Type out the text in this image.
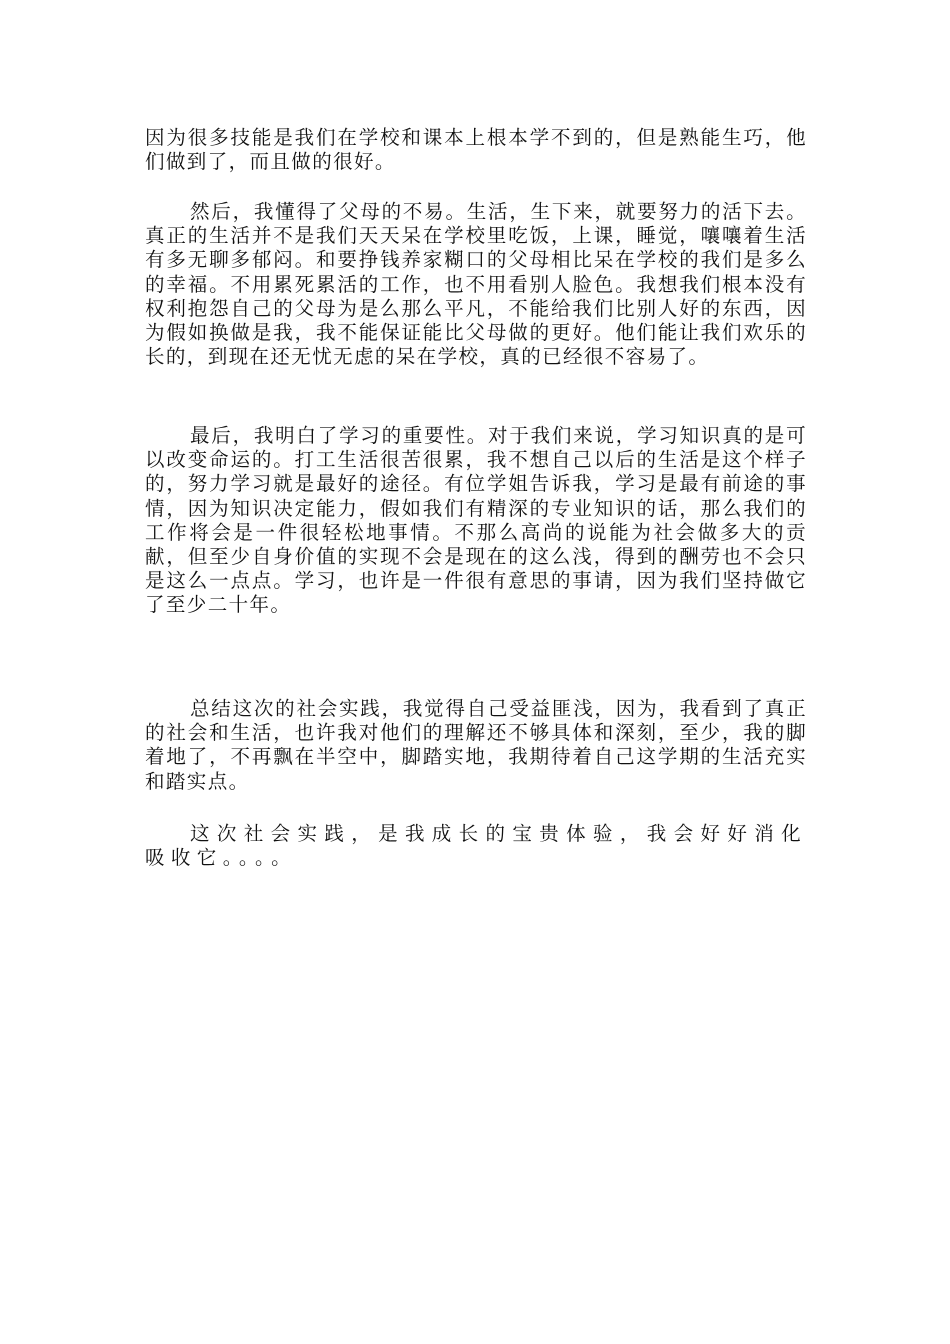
因为很多技能是我们在学校和课本上根本学不到的，但是熟能生巧，他们做到了，而且做的很好。

然后，我懂得了父母的不易。生活，生下来，就要努力的活下去。真正的生活并不是我们天天呆在学校里吃饭，上课，睡觉，嚷嚷着生活有多无聊多郁闷。和要挣钱养家糊口的父母相比呆在学校的我们是多么的幸福。不用累死累活的工作，也不用看别人脸色。我想我们根本没有权利抱怨自己的父母为是么那么平凡，不能给我们比别人好的东西，因为假如换做是我，我不能保证能比父母做的更好。他们能让我们欢乐的长的，到现在还无忧无虑的呆在学校，真的已经很不容易了。

最后，我明白了学习的重要性。对于我们来说，学习知识真的是可以改变命运的。打工生活很苦很累，我不想自己以后的生活是这个样子的，努力学习就是最好的途径。有位学姐告诉我，学习是最有前途的事情，因为知识决定能力，假如我们有精深的专业知识的话，那么我们的工作将会是一件很轻松地事情。不那么高尚的说能为社会做多大的贡献，但至少自身价值的实现不会是现在的这么浅，得到的酬劳也不会只是这么一点点。学习，也许是一件很有意思的事请，因为我们坚持做它了至少二十年。

总结这次的社会实践，我觉得自己受益匪浅，因为，我看到了真正的社会和生活，也许我对他们的理解还不够具体和深刻，至少，我的脚着地了，不再飘在半空中，脚踏实地，我期待着自己这学期的生活充实和踏实点。

这次社会实践，是我成长的宝贵体验，我会好好消化吸收它。。。。
